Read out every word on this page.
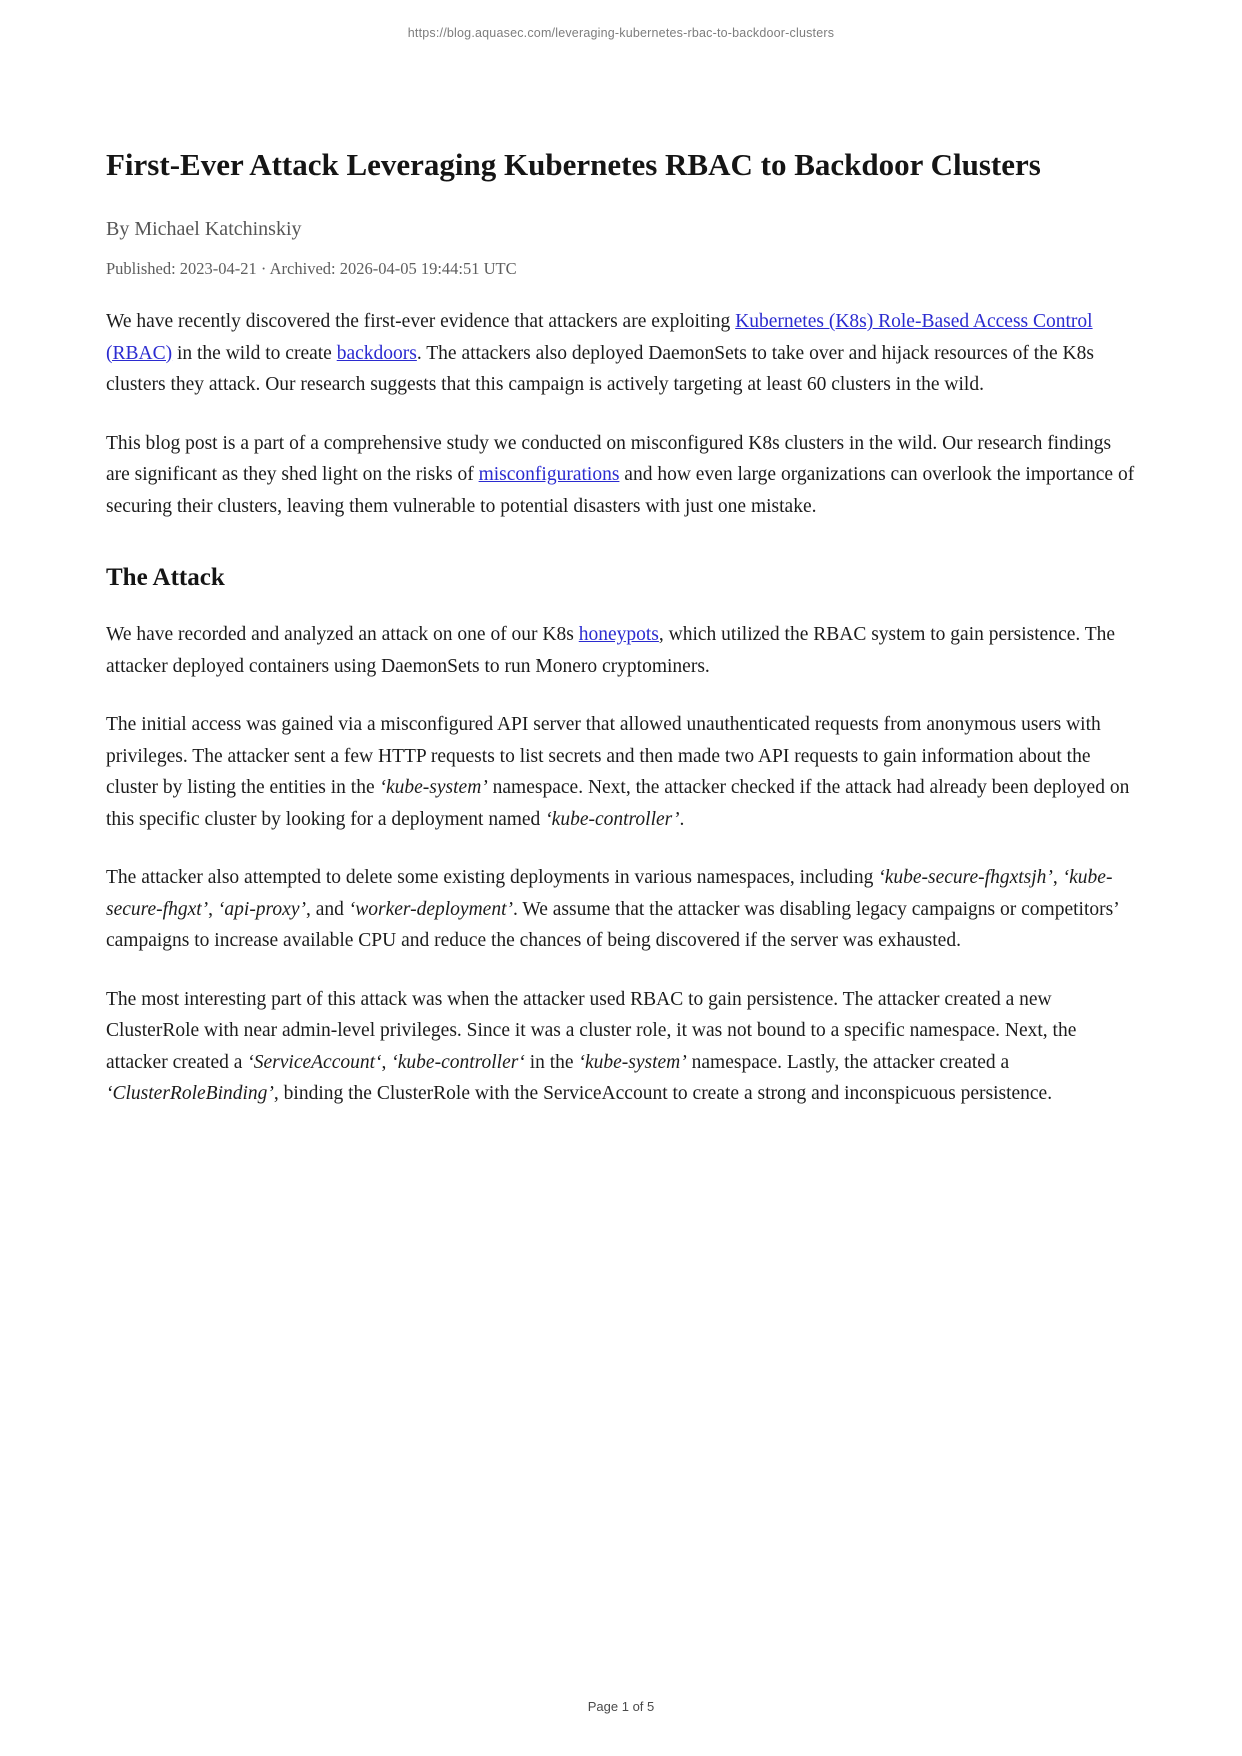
https://blog.aquasec.com/leveraging-kubernetes-rbac-to-backdoor-clusters
First-Ever Attack Leveraging Kubernetes RBAC to Backdoor Clusters
By Michael Katchinskiy
Published: 2023-04-21 · Archived: 2026-04-05 19:44:51 UTC

We have recently discovered the first-ever evidence that attackers are exploiting Kubernetes (K8s) Role-Based Access Control (RBAC) in the wild to create backdoors. The attackers also deployed DaemonSets to take over and hijack resources of the K8s clusters they attack. Our research suggests that this campaign is actively targeting at least 60 clusters in the wild.

This blog post is a part of a comprehensive study we conducted on misconfigured K8s clusters in the wild. Our research findings are significant as they shed light on the risks of misconfigurations and how even large organizations can overlook the importance of securing their clusters, leaving them vulnerable to potential disasters with just one mistake.

The Attack

We have recorded and analyzed an attack on one of our K8s honeypots, which utilized the RBAC system to gain persistence. The attacker deployed containers using DaemonSets to run Monero cryptominers.

The initial access was gained via a misconfigured API server that allowed unauthenticated requests from anonymous users with privileges. The attacker sent a few HTTP requests to list secrets and then made two API requests to gain information about the cluster by listing the entities in the ‘kube-system’ namespace. Next, the attacker checked if the attack had already been deployed on this specific cluster by looking for a deployment named ‘kube-controller’.

The attacker also attempted to delete some existing deployments in various namespaces, including ‘kube-secure-fhgxtsjh’, ‘kube-secure-fhgxt’, ‘api-proxy’, and ‘worker-deployment’. We assume that the attacker was disabling legacy campaigns or competitors’ campaigns to increase available CPU and reduce the chances of being discovered if the server was exhausted.

The most interesting part of this attack was when the attacker used RBAC to gain persistence. The attacker created a new ClusterRole with near admin-level privileges. Since it was a cluster role, it was not bound to a specific namespace. Next, the attacker created a ‘ServiceAccount‘, ‘kube-controller‘ in the ‘kube-system’ namespace. Lastly, the attacker created a ‘ClusterRoleBinding’, binding the ClusterRole with the ServiceAccount to create a strong and inconspicuous persistence.

Page 1 of 5
